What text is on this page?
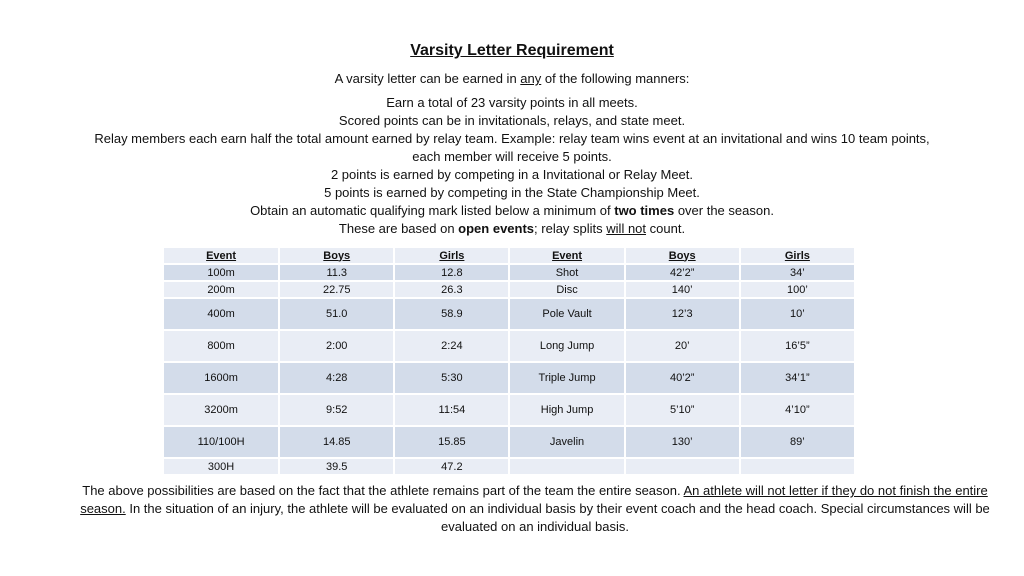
Varsity Letter Requirement
A varsity letter can be earned in any of the following manners:
Earn a total of 23 varsity points in all meets.
Scored points can be in invitationals, relays, and state meet.
Relay members each earn half the total amount earned by relay team. Example: relay team wins event at an invitational and wins 10 team points,
each member will receive 5 points.
2 points is earned by competing in a Invitational or Relay Meet.
5 points is earned by competing in the State Championship Meet.
Obtain an automatic qualifying mark listed below a minimum of two times over the season.
These are based on open events; relay splits will not count.
Event	Boys	Girls	Event	Boys	Girls
100m	11.3	12.8	Shot	42’2”	34’
200m	22.75	26.3	Disc	140’	100’
400m	51.0	58.9	Pole Vault	12’3	10’
800m	2:00	2:24	Long Jump	20’	16’5”
1600m	4:28	5:30	Triple Jump	40’2”	34’1”
3200m	9:52	11:54	High Jump	5’10”	4’10”
110/100H	14.85	15.85	Javelin	130’	89’
300H	39.5	47.2			
The above possibilities are based on the fact that the athlete remains part of the team the entire season. An athlete will not letter if they do not finish the entire season. In the situation of an injury, the athlete will be evaluated on an individual basis by their event coach and the head coach. Special circumstances will be evaluated on an individual basis.
